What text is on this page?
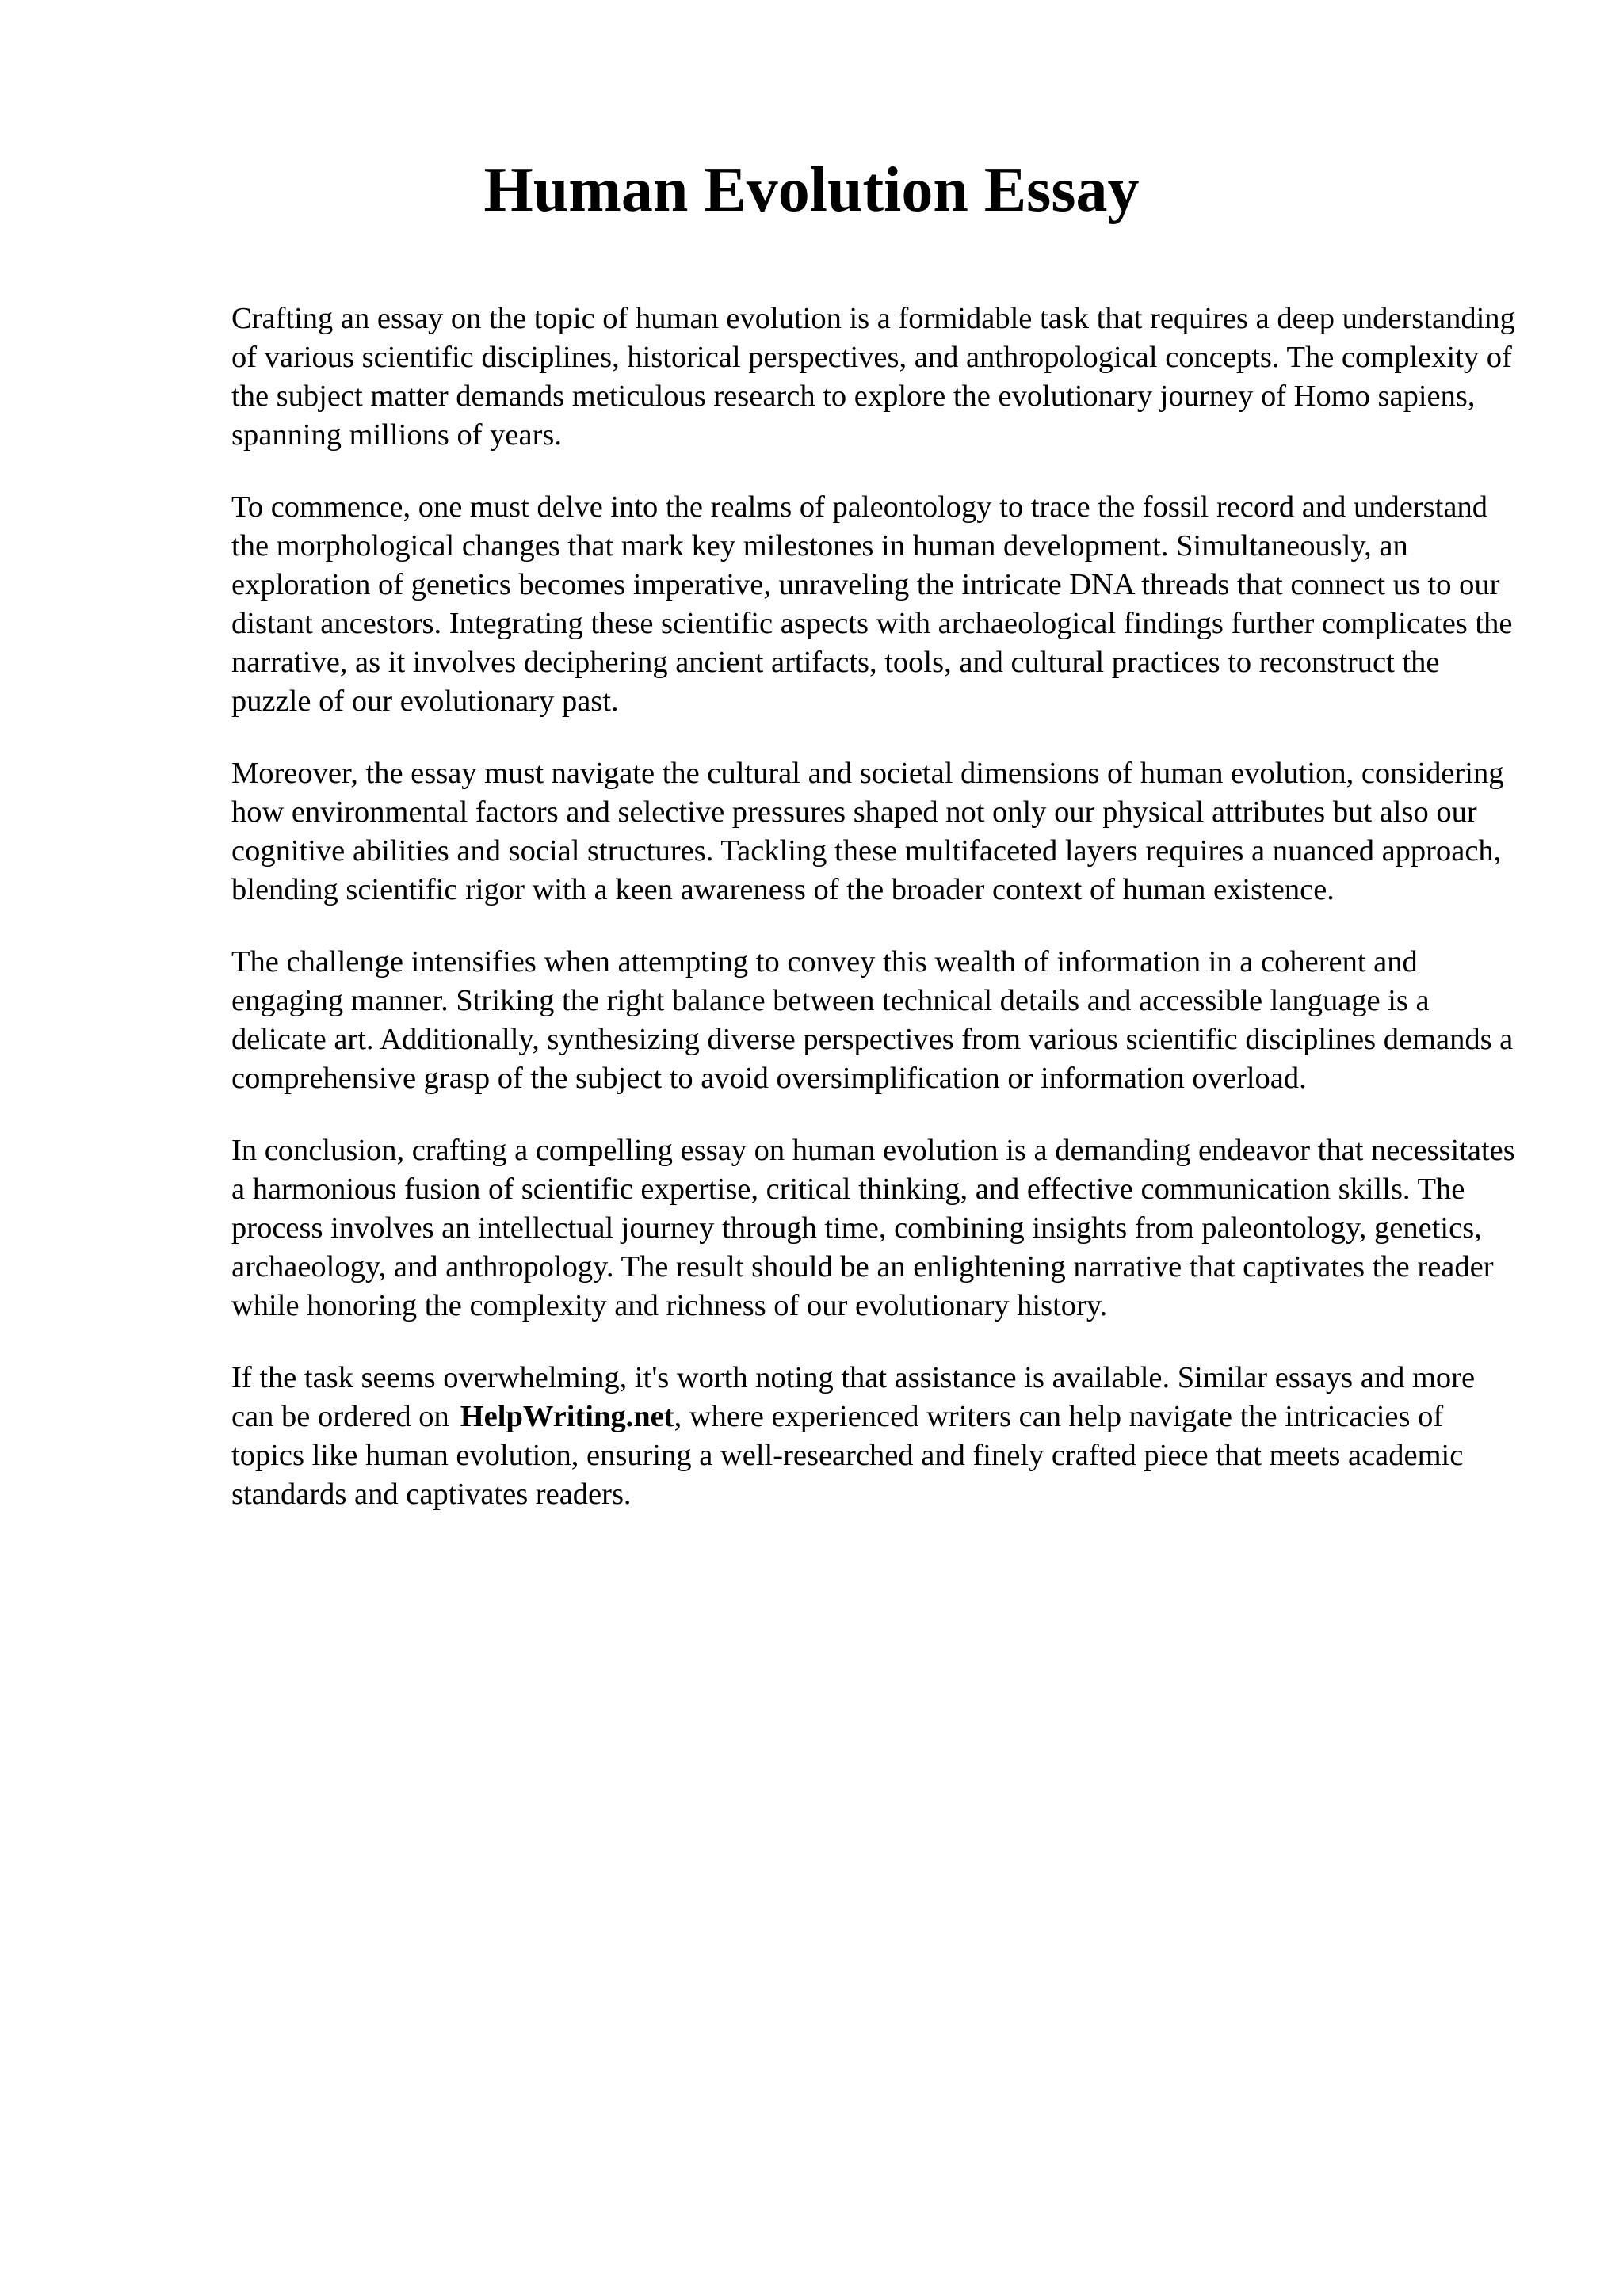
Human Evolution Essay

Crafting an essay on the topic of human evolution is a formidable task that requires a deep understanding of various scientific disciplines, historical perspectives, and anthropological concepts. The complexity of the subject matter demands meticulous research to explore the evolutionary journey of Homo sapiens, spanning millions of years.

To commence, one must delve into the realms of paleontology to trace the fossil record and understand the morphological changes that mark key milestones in human development. Simultaneously, an exploration of genetics becomes imperative, unraveling the intricate DNA threads that connect us to our distant ancestors. Integrating these scientific aspects with archaeological findings further complicates the narrative, as it involves deciphering ancient artifacts, tools, and cultural practices to reconstruct the puzzle of our evolutionary past.

Moreover, the essay must navigate the cultural and societal dimensions of human evolution, considering how environmental factors and selective pressures shaped not only our physical attributes but also our cognitive abilities and social structures. Tackling these multifaceted layers requires a nuanced approach, blending scientific rigor with a keen awareness of the broader context of human existence.

The challenge intensifies when attempting to convey this wealth of information in a coherent and engaging manner. Striking the right balance between technical details and accessible language is a delicate art. Additionally, synthesizing diverse perspectives from various scientific disciplines demands a comprehensive grasp of the subject to avoid oversimplification or information overload.

In conclusion, crafting a compelling essay on human evolution is a demanding endeavor that necessitates a harmonious fusion of scientific expertise, critical thinking, and effective communication skills. The process involves an intellectual journey through time, combining insights from paleontology, genetics, archaeology, and anthropology. The result should be an enlightening narrative that captivates the reader while honoring the complexity and richness of our evolutionary history.

If the task seems overwhelming, it's worth noting that assistance is available. Similar essays and more can be ordered on HelpWriting.net, where experienced writers can help navigate the intricacies of topics like human evolution, ensuring a well-researched and finely crafted piece that meets academic standards and captivates readers.
